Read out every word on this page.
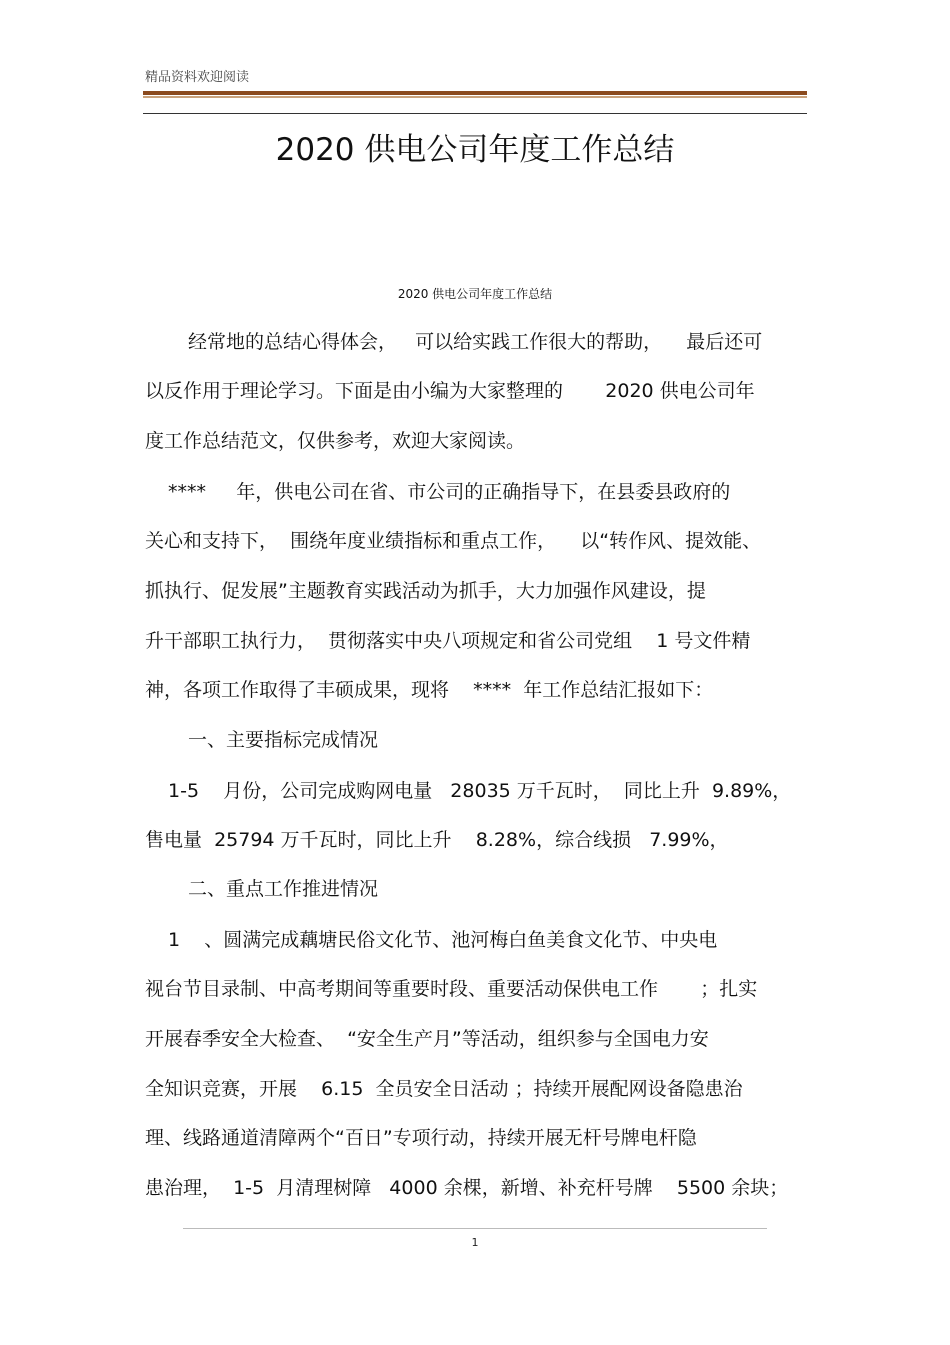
精品资料欢迎阅读
2020 供电公司年度工作总结
2020 供电公司年度工作总结
经常地的总结心得体会，   可以给实践工作很大的帮助，    最后还可
以反作用于理论学习。下面是由小编为大家整理的       2020 供电公司年
度工作总结范文，仅供参考，欢迎大家阅读。
****     年，供电公司在省、市公司的正确指导下，在县委县政府的
关心和支持下，  围绕年度业绩指标和重点工作，    以“转作风、提效能、
抓执行、促发展”主题教育实践活动为抓手，大力加强作风建设，提
升干部职工执行力，  贯彻落实中央八项规定和省公司党组    1 号文件精
神，各项工作取得了丰硕成果，现将    ****  年工作总结汇报如下：
一、主要指标完成情况
1-5    月份，公司完成购网电量   28035 万千瓦时，  同比上升  9.89%，
售电量  25794 万千瓦时，同比上升    8.28%，综合线损   7.99%，
二、重点工作推进情况
1    、圆满完成藕塘民俗文化节、池河梅白鱼美食文化节、中央电
视台节目录制、中高考期间等重要时段、重要活动保供电工作       ；扎实
开展春季安全大检查、  “安全生产月”等活动，组织参与全国电力安
全知识竞赛，开展    6.15  全员安全日活动 ；持续开展配网设备隐患治
理、线路通道清障两个“百日”专项行动，持续开展无杆号牌电杆隐
患治理，  1-5  月清理树障   4000 余棵，新增、补充杆号牌    5500 余块；
1
